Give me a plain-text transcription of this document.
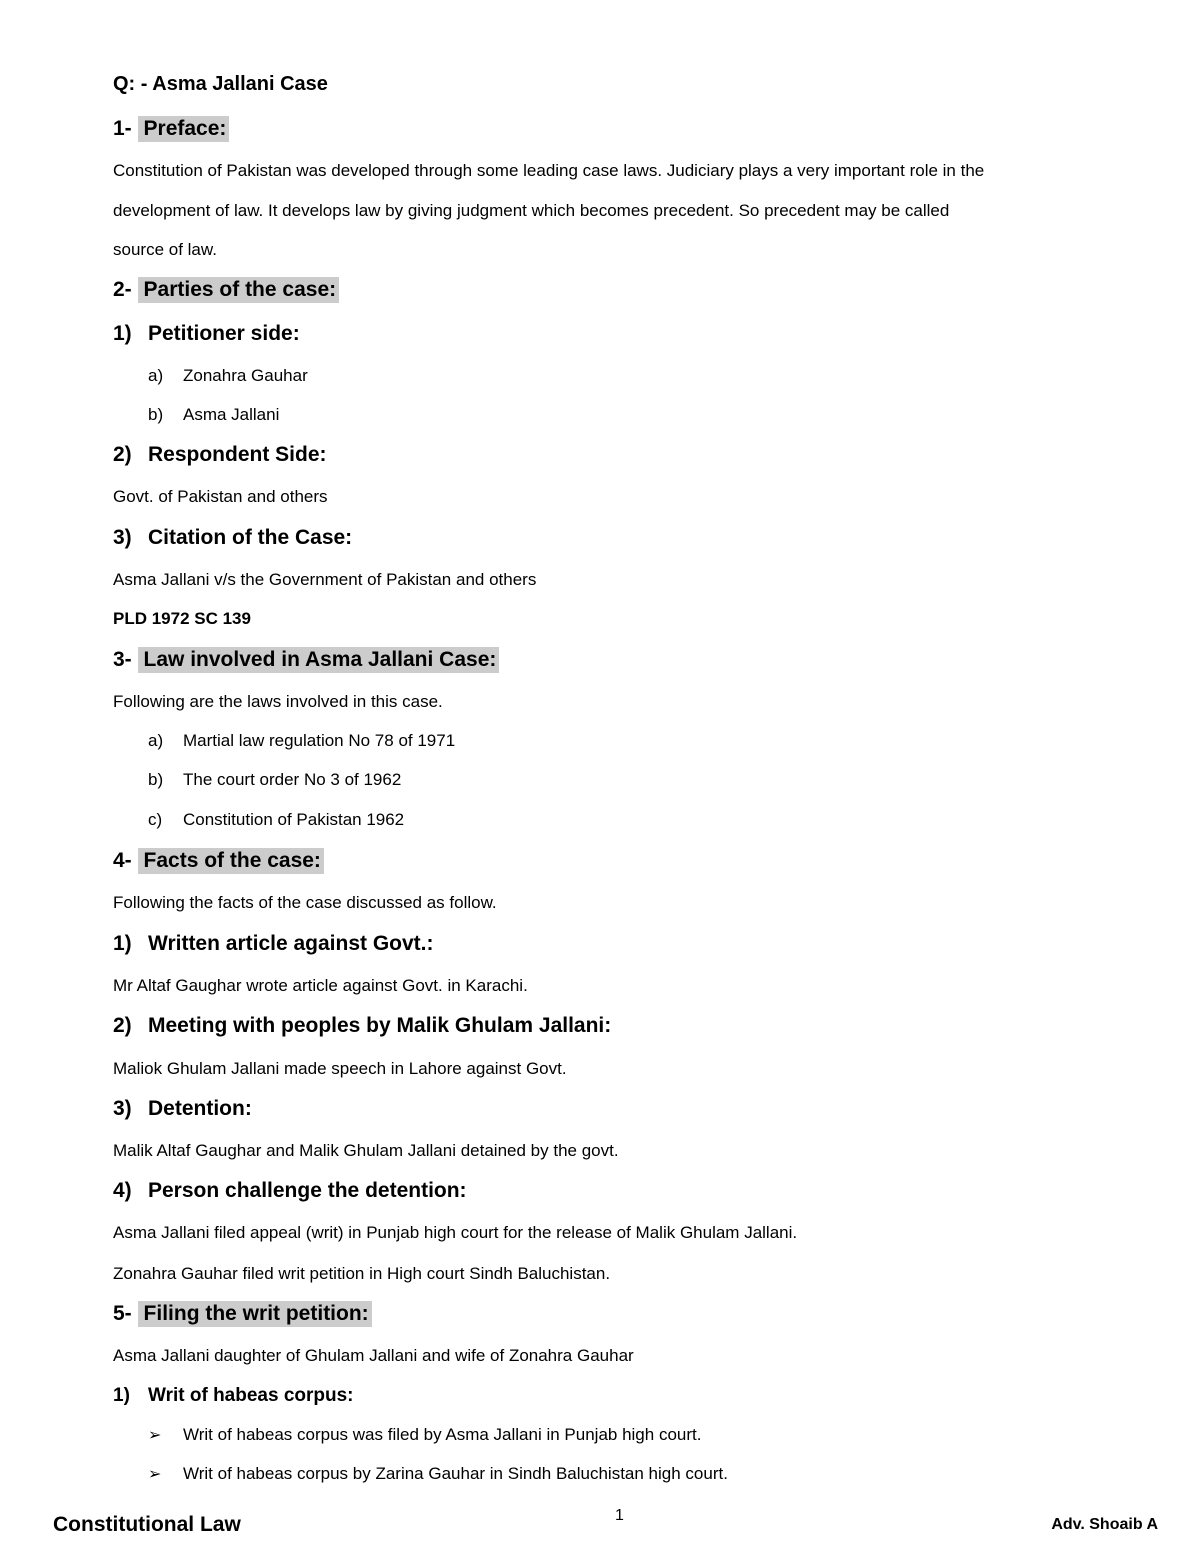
Q: - Asma Jallani Case
1- Preface:
Constitution of Pakistan was developed through some leading case laws. Judiciary plays a very important role in the
development of law. It develops law by giving judgment which becomes precedent. So precedent may be called
source of law.
2- Parties of the case:
1) Petitioner side:
a) Zonahra Gauhar
b) Asma Jallani
2) Respondent Side:
Govt. of Pakistan and others
3) Citation of the Case:
Asma Jallani v/s the Government of Pakistan and others
PLD 1972 SC 139
3- Law involved in Asma Jallani Case:
Following are the laws involved in this case.
a) Martial law regulation No 78 of 1971
b) The court order No 3 of 1962
c) Constitution of Pakistan 1962
4- Facts of the case:
Following the facts of the case discussed as follow.
1) Written article against Govt.:
Mr Altaf Gaughar wrote article against Govt. in Karachi.
2) Meeting with peoples by Malik Ghulam Jallani:
Maliok Ghulam Jallani made speech in Lahore against Govt.
3) Detention:
Malik Altaf Gaughar and Malik Ghulam Jallani detained by the govt.
4) Person challenge the detention:
Asma Jallani filed appeal (writ) in Punjab high court for the release of Malik Ghulam Jallani.
Zonahra Gauhar filed writ petition in High court Sindh Baluchistan.
5- Filing the writ petition:
Asma Jallani daughter of Ghulam Jallani and wife of Zonahra Gauhar
1) Writ of habeas corpus:
➢ Writ of habeas corpus was filed by Asma Jallani in Punjab high court.
➢ Writ of habeas corpus by Zarina Gauhar in Sindh Baluchistan high court.
Constitutional Law	1
Adv. Shoaib A
